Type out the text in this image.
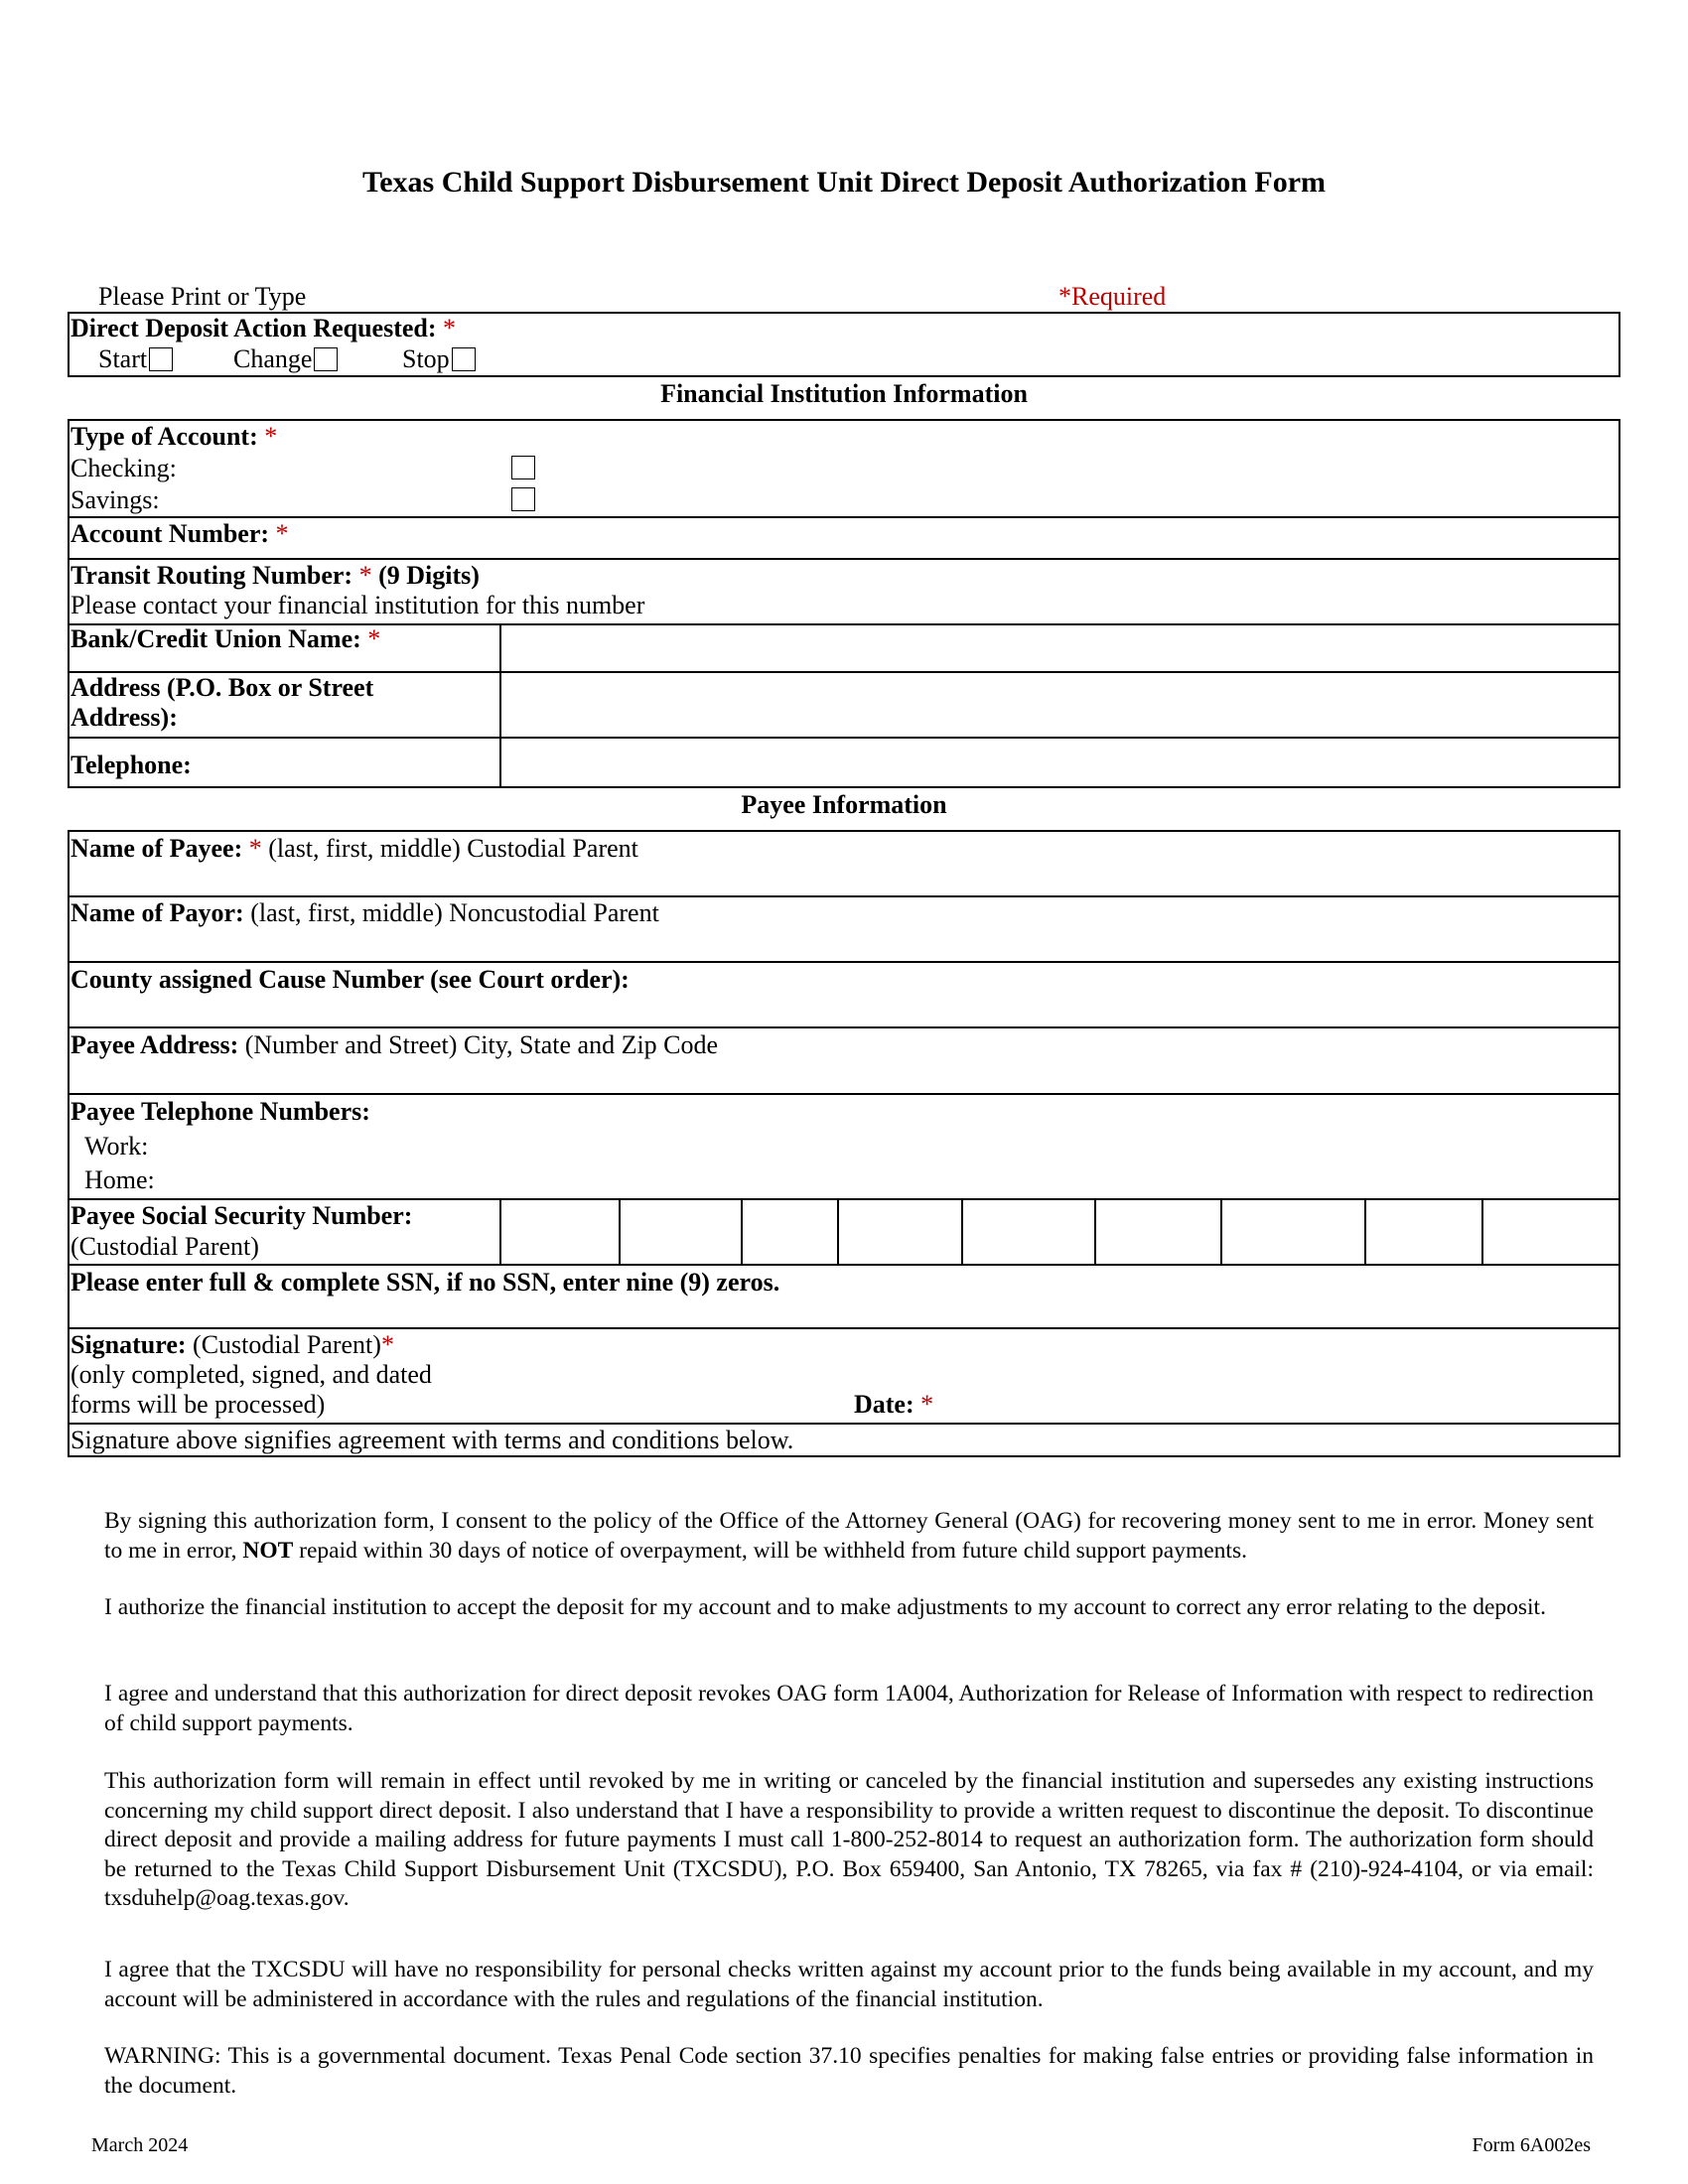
Texas Child Support Disbursement Unit Direct Deposit Authorization Form
Please Print or Type	*Required
Direct Deposit Action Requested: *
Start	Change	Stop
Financial Institution Information
Type of Account: *
Checking:
Savings:
Account Number: *
Transit Routing Number: * (9 Digits)
Please contact your financial institution for this number
Bank/Credit Union Name: *
Address (P.O. Box or Street
Address):
Telephone:
Payee Information
Name of Payee: * (last, first, middle) Custodial Parent
Name of Payor: (last, first, middle) Noncustodial Parent
County assigned Cause Number (see Court order):
Payee Address: (Number and Street) City, State and Zip Code
Payee Telephone Numbers:
Work:
Home:
Payee Social Security Number:
(Custodial Parent)
Please enter full & complete SSN, if no SSN, enter nine (9) zeros.
Signature: (Custodial Parent)*
(only completed, signed, and dated
forms will be processed)	Date: *
Signature above signifies agreement with terms and conditions below.
By signing this authorization form, I consent to the policy of the Office of the Attorney General (OAG) for recovering money sent to me in error. Money sent to me in error, NOT repaid within 30 days of notice of overpayment, will be withheld from future child support payments.
I authorize the financial institution to accept the deposit for my account and to make adjustments to my account to correct any error relating to the deposit.
I agree and understand that this authorization for direct deposit revokes OAG form 1A004, Authorization for Release of Information with respect to redirection of child support payments.
This authorization form will remain in effect until revoked by me in writing or canceled by the financial institution and supersedes any existing instructions concerning my child support direct deposit. I also understand that I have a responsibility to provide a written request to discontinue the deposit. To discontinue direct deposit and provide a mailing address for future payments I must call 1-800-252-8014 to request an authorization form. The authorization form should be returned to the Texas Child Support Disbursement Unit (TXCSDU), P.O. Box 659400, San Antonio, TX 78265, via fax # (210)-924-4104, or via email: txsduhelp@oag.texas.gov.
I agree that the TXCSDU will have no responsibility for personal checks written against my account prior to the funds being available in my account, and my account will be administered in accordance with the rules and regulations of the financial institution.
WARNING: This is a governmental document. Texas Penal Code section 37.10 specifies penalties for making false entries or providing false information in the document.
March 2024	Form 6A002es
